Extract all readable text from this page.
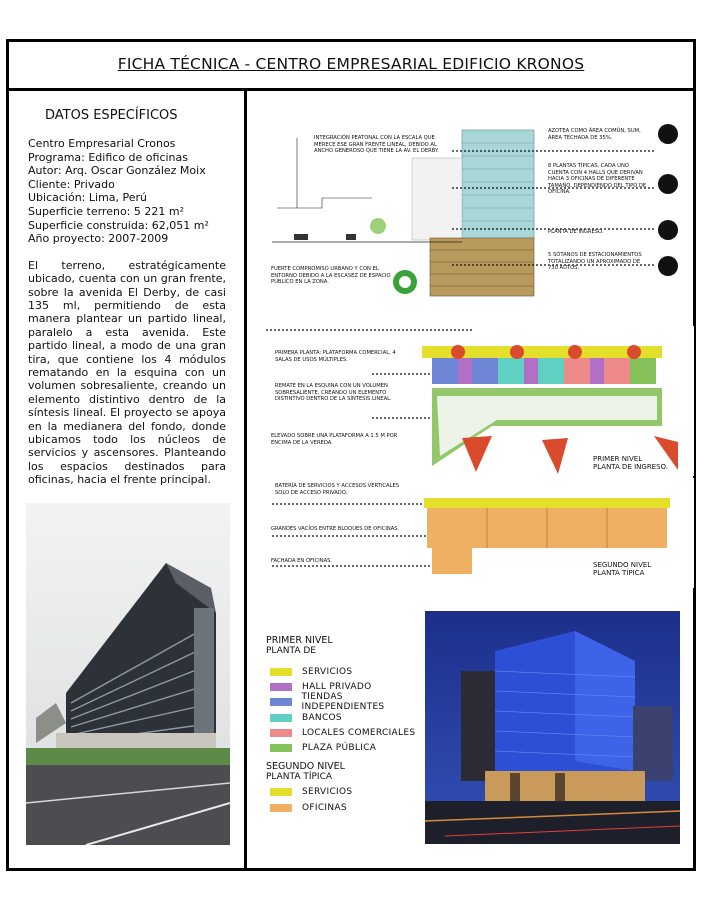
FICHA TÉCNICA - CENTRO EMPRESARIAL EDIFICIO KRONOS
DATOS ESPECÍFICOS
Centro Empresarial Cronos
Programa: Edifico de oficinas
Autor: Arq. Oscar González Moix
Cliente: Privado
Ubicación: Lima, Perú
Superficie terreno: 5 221 m²
Superficie construida: 62,051 m²
Año proyecto: 2007-2009
El terreno, estratégicamente ubicado, cuenta con un gran frente, sobre la avenida El Derby, de casi 135 ml, permitiendo de esta manera plantear un partido lineal, paralelo a esta avenida. Este partido lineal, a modo de una gran tira, que contiene los 4 módulos rematando en la esquina con un volumen sobresaliente, creando un elemento distintivo dentro de la síntesis lineal. El proyecto se apoya en la medianera del fondo, donde ubicamos todo los núcleos de servicios y ascensores. Planteando los espacios destinados para oficinas, hacia el frente principal.
INTEGRACIÓN PEATONAL CON LA ESCALA QUE MERECE ESE GRAN FRENTE LINEAL, DEBIDO AL ANCHO GENEROSO QUE TIENE LA AV. EL DERBY.
FUERTE COMPROMISO URBANO Y CON EL ENTORNO DEBIDO A LA ESCASEZ DE ESPACIO PÚBLICO EN LA ZONA.
AZOTEA COMO ÁREA COMÚN, SUM, ÁREA TECHADA DE 35%.
8 PLANTAS TÍPICAS, CADA UNO CUENTA CON 4 HALLS QUE DERIVAN HACIA 3 OFICINAS DE DIFERENTE TAMAÑO, DEPENDIENDO DEL TIPO DE OFICINA.
PLANTA DE INGRESO.
5 SÓTANOS DE ESTACIONAMIENTOS TOTALIZANDO UN APROXIMADO DE 730 AUTOS.
PRIMERA PLANTA: PLATAFORMA COMERCIAL, 4 SALAS DE USOS MÚLTIPLES.
REMATE EN LA ESQUINA CON UN VOLUMEN SOBRESALIENTE, CREANDO UN ELEMENTO DISTINTIVO DENTRO DE LA SÍNTESIS LINEAL.
ELEVADO SOBRE UNA PLATAFORMA A 1.5 M POR ENCIMA DE LA VEREDA.
PRIMER NIVEL
PLANTA DE INGRESO.
BATERÍA DE SERVICIOS Y ACCESOS VERTICALES SOLO DE ACCESO PRIVADO.
GRANDES VACÍOS ENTRE BLOQUES DE OFICINAS.
FACHADA EN OFICINAS.	SEGUNDO NIVEL
PLANTA TÍPICA
PRIMER NIVEL
PLANTA DE
SERVICIOS
HALL PRIVADO
TIENDAS INDEPENDIENTES
BANCOS
LOCALES COMERCIALES
PLAZA PÚBLICA
SEGUNDO NIVEL
PLANTA TÍPICA
SERVICIOS
OFICINAS
